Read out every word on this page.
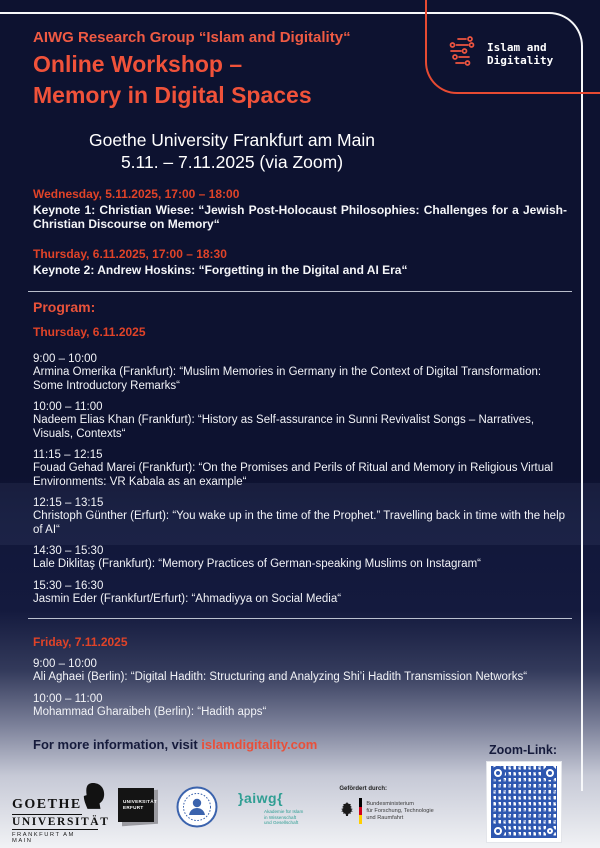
AIWG Research Group “Islam and Digitality“
Online Workshop –
Memory in Digital Spaces
Islam and
Digitality
Goethe University Frankfurt am Main
5.11. – 7.11.2025 (via Zoom)

Wednesday, 5.11.2025, 17:00 – 18:00

Keynote 1: Christian Wiese: “Jewish Post-Holocaust Philosophies: Challenges for a Jewish-Christian Discourse on Memory“

Thursday, 6.11.2025, 17:00 – 18:30

Keynote 2: Andrew Hoskins: “Forgetting in the Digital and AI Era“

Program:
Thursday, 6.11.2025

9:00 – 10:00

Armina Omerika (Frankfurt): “Muslim Memories in Germany in the Context of Digital Transformation: Some Introductory Remarks“

10:00 – 11:00

Nadeem Elias Khan (Frankfurt): “History as Self-assurance in Sunni Revivalist Songs – Narratives, Visuals, Contexts“

11:15 – 12:15

Fouad Gehad Marei (Frankfurt): “On the Promises and Perils of Ritual and Memory in Religious Virtual Environments: VR Kabala as an example“

12:15 – 13:15

Christoph Günther (Erfurt): “You wake up in the time of the Prophet.” Travelling back in time with the help of AI“

14:30 – 15:30

Lale Diklitaş (Frankfurt): “Memory Practices of German-speaking Muslims on Instagram“

15:30 – 16:30

Jasmin Eder (Frankfurt/Erfurt): “Ahmadiyya on Social Media“

Friday, 7.11.2025

9:00 – 10:00

Ali Aghaei (Berlin): “Digital Hadith: Structuring and Analyzing Shi’i Hadith Transmission Networks“

10:00 – 11:00

Mohammad Gharaibeh (Berlin): “Hadith apps“

For more information, visit islamdigitality.com	Zoom-Link:

GOETHE
UNIVERSITÄT
FRANKFURT AM MAIN
UNIVERSITÄT
ERFURT
}aiwg{
Akademie für Islam
in Wissenschaft
und Gesellschaft
Gefördert durch:
Bundesministerium
für Forschung, Technologie
und Raumfahrt
